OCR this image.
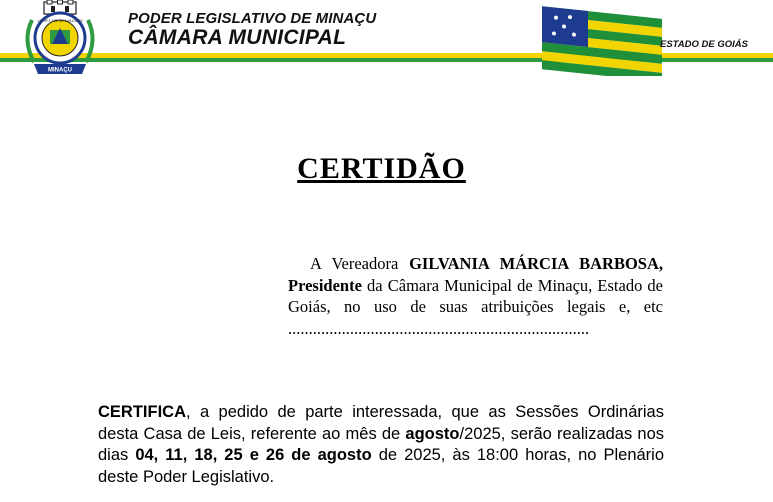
LEI Nº 1.181 DE 14/11/1976
MINAÇU
PODER LEGISLATIVO DE MINAÇU
CÂMARA MUNICIPAL	ESTADO DE GOIÁS
CERTIDÃO
A Vereadora GILVANIA MÁRCIA BARBOSA, Presidente da Câmara Municipal de Minaçu, Estado de Goiás, no uso de suas atribuições legais e, etc
.........................................................................
CERTIFICA, a pedido de parte interessada, que as Sessões Ordinárias desta Casa de Leis, referente ao mês de agosto/2025, serão realizadas nos dias 04, 11, 18, 25 e 26 de agosto de 2025, às 18:00 horas, no Plenário deste Poder Legislativo.
